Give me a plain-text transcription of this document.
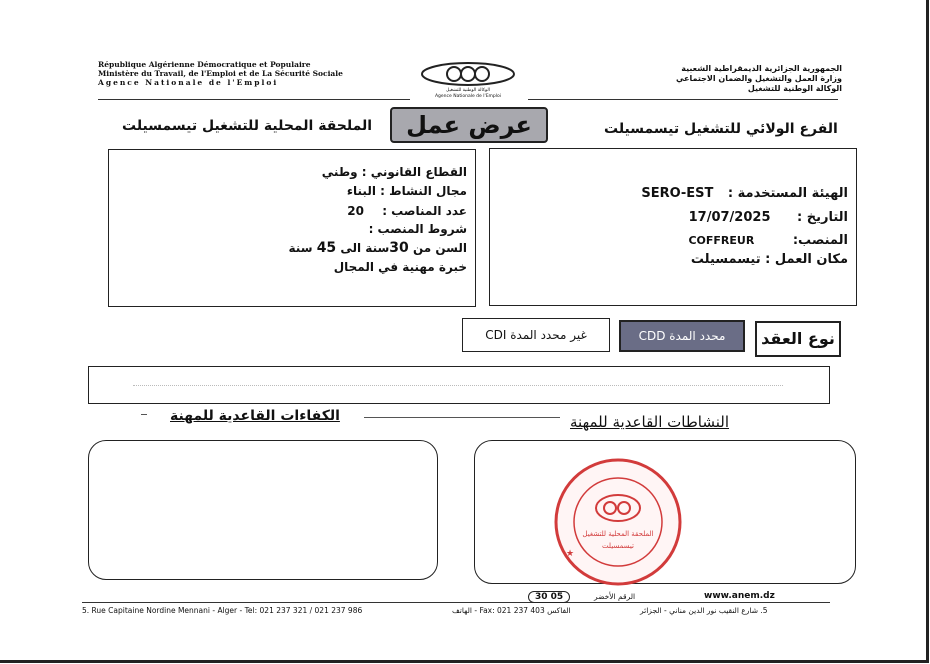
République Algérienne Démocratique et Populaire
Ministère du Travail, de l'Emploi et de La Sécurité Sociale
Agence Nationale de l'Emploi
الجمهورية الجزائرية الديمقراطية الشعبية
وزارة العمل والتشغيل والضمان الاجتماعي
الوكالة الوطنية للتشغيل
الوكالة الوطنية للتشغيل
Agence Nationale de l'Emploi
عرض عمل
الملحقة المحلية للتشغيل تيسمسيلت	الفرع الولائي للتشغيل تيسمسيلت
القطاع القانوني : وطني
مجال النشاط : البناء
عدد المناصب : 20
شروط المنصب :
السن من 30سنة الى 45 سنة
خبرة مهنية في المجال
الهيئة المستخدمة : SERO-EST
التاريخ : 17/07/2025
المنصب: COFFREUR
مكان العمل : تيسمسيلت
نوع العقد
محدد المدة CDD
غير محدد المدة CDI
النشاطات القاعدية للمهنة
الكفاءات القاعدية للمهنة
الملحقة المحلية للتشغيل
تيسمسيلت
★
www.anem.dz
30 05	الرقم الأخضر
5. Rue Capitaine Nordine Mennani - Alger - Tel: 021 237 321 / 021 237 986	الهاتف - Fax: 021 237 403 الفاكس	5. شارع النقيب نور الدين مناني - الجزائر
